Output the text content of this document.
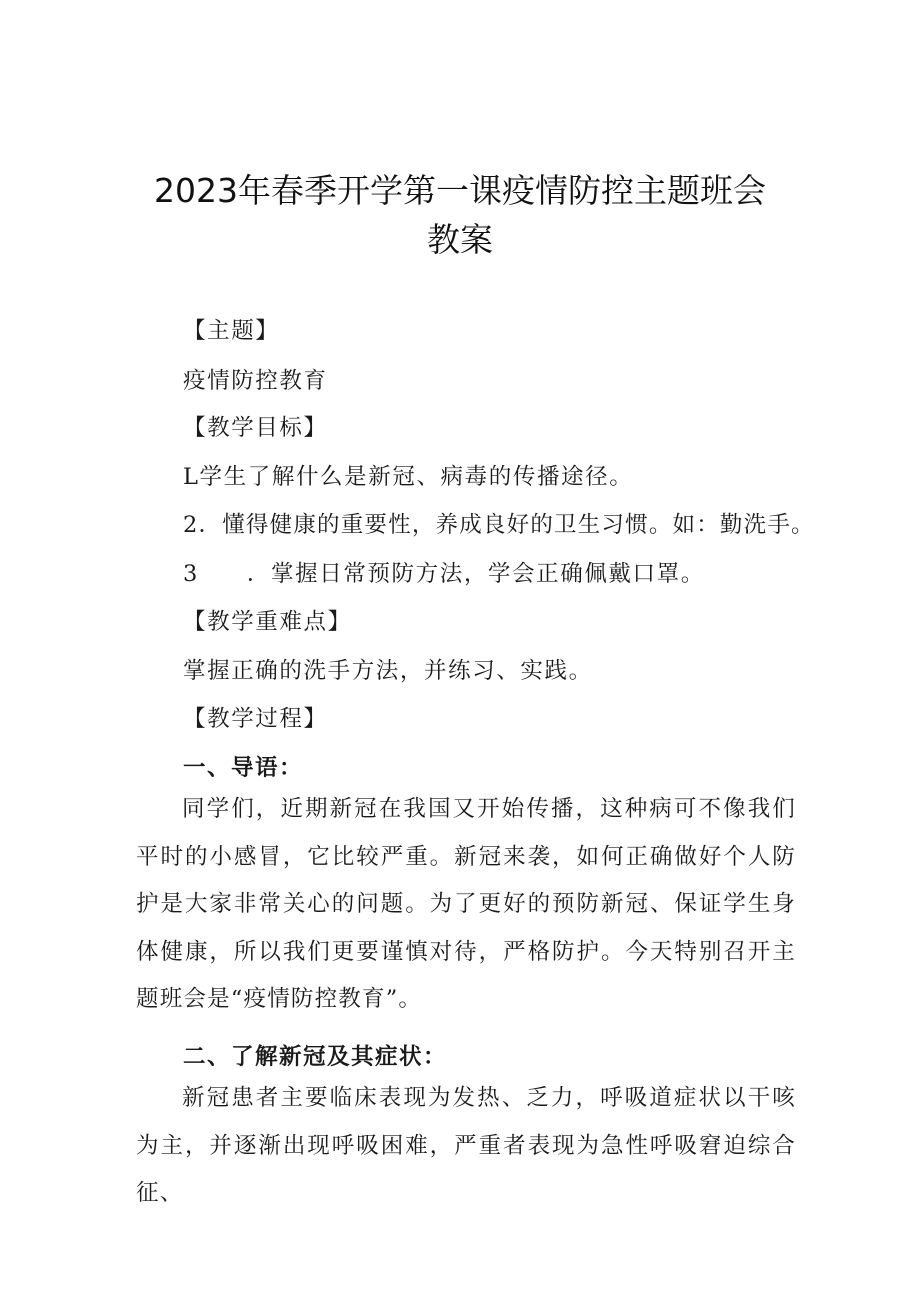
2023年春季开学第一课疫情防控主题班会
教案
【主题】
疫情防控教育
【教学目标】
L学生了解什么是新冠、病毒的传播途径。
2．懂得健康的重要性，养成良好的卫生习惯。如：勤洗手。
3 ．掌握日常预防方法，学会正确佩戴口罩。
【教学重难点】
掌握正确的洗手方法，并练习、实践。
【教学过程】
一、导语：
同学们，近期新冠在我国又开始传播，这种病可不像我们平时的小感冒，它比较严重。新冠来袭，如何正确做好个人防护是大家非常关心的问题。为了更好的预防新冠、保证学生身体健康，所以我们更要谨慎对待，严格防护。今天特别召开主题班会是“疫情防控教育”。
二、了解新冠及其症状：
新冠患者主要临床表现为发热、乏力，呼吸道症状以干咳为主，并逐渐出现呼吸困难，严重者表现为急性呼吸窘迫综合征、
